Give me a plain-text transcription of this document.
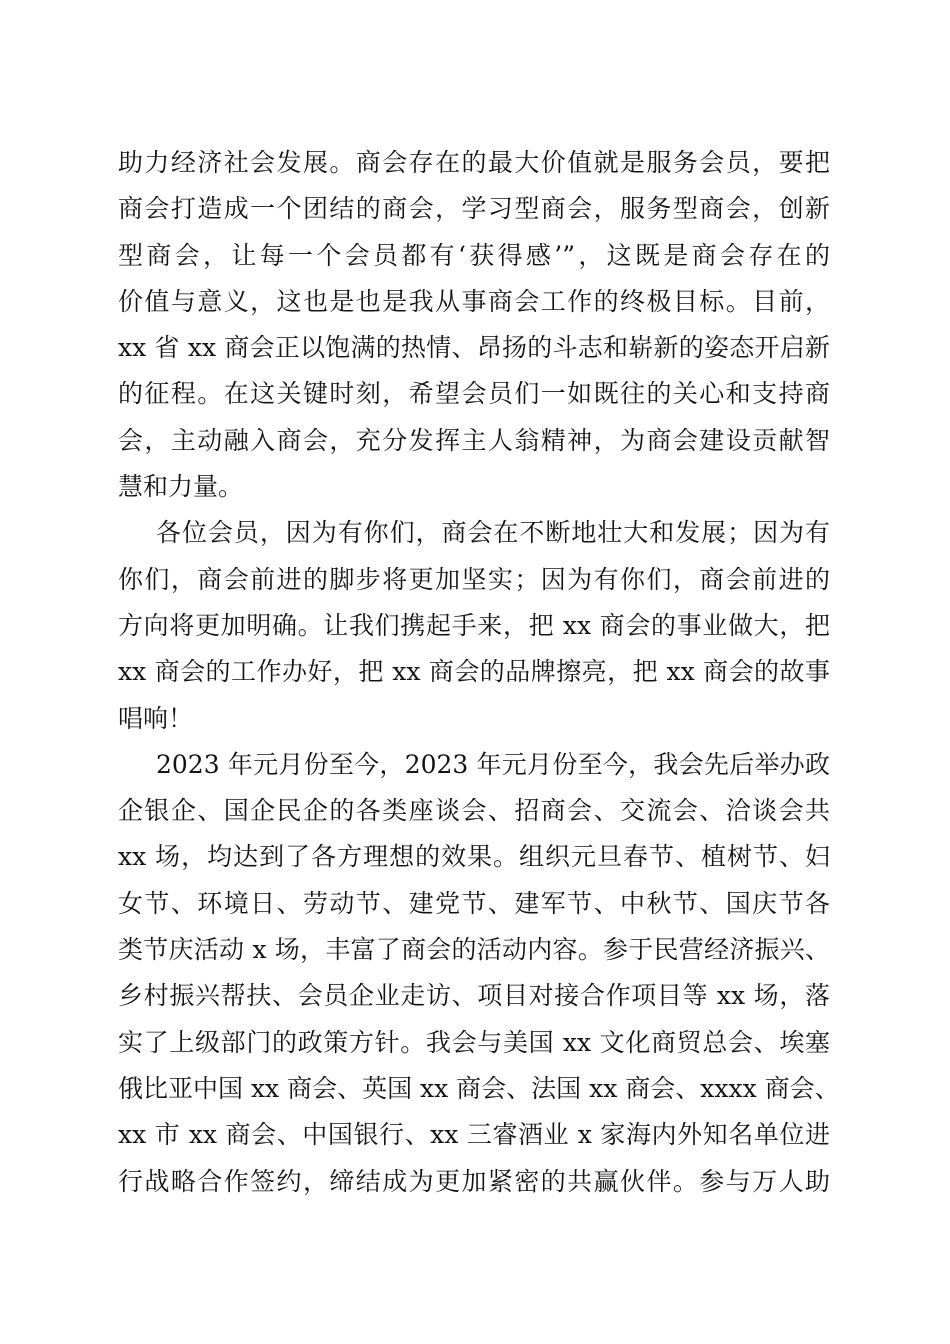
助力经济社会发展。商会存在的最大价值就是服务会员，要把
商会打造成一个团结的商会，学习型商会，服务型商会，创新
型商会，让每一个会员都有‘获得感’”，这既是商会存在的
价值与意义，这也是也是我从事商会工作的终极目标。目前，
xx 省 xx 商会正以饱满的热情、昂扬的斗志和崭新的姿态开启新
的征程。在这关键时刻，希望会员们一如既往的关心和支持商
会，主动融入商会，充分发挥主人翁精神，为商会建设贡献智
慧和力量。
各位会员，因为有你们，商会在不断地壮大和发展；因为有
你们，商会前进的脚步将更加坚实；因为有你们，商会前进的
方向将更加明确。让我们携起手来，把 xx 商会的事业做大，把
xx 商会的工作办好，把 xx 商会的品牌擦亮，把 xx 商会的故事
唱响！
2023 年元月份至今，2023 年元月份至今，我会先后举办政
企银企、国企民企的各类座谈会、招商会、交流会、洽谈会共
xx 场，均达到了各方理想的效果。组织元旦春节、植树节、妇
女节、环境日、劳动节、建党节、建军节、中秋节、国庆节各
类节庆活动 x 场，丰富了商会的活动内容。参于民营经济振兴、
乡村振兴帮扶、会员企业走访、项目对接合作项目等 xx 场，落
实了上级部门的政策方针。我会与美国 xx 文化商贸总会、埃塞
俄比亚中国 xx 商会、英国 xx 商会、法国 xx 商会、xxxx 商会、
xx 市 xx 商会、中国银行、xx 三睿酒业 x 家海内外知名单位进
行战略合作签约，缔结成为更加紧密的共赢伙伴。参与万人助
